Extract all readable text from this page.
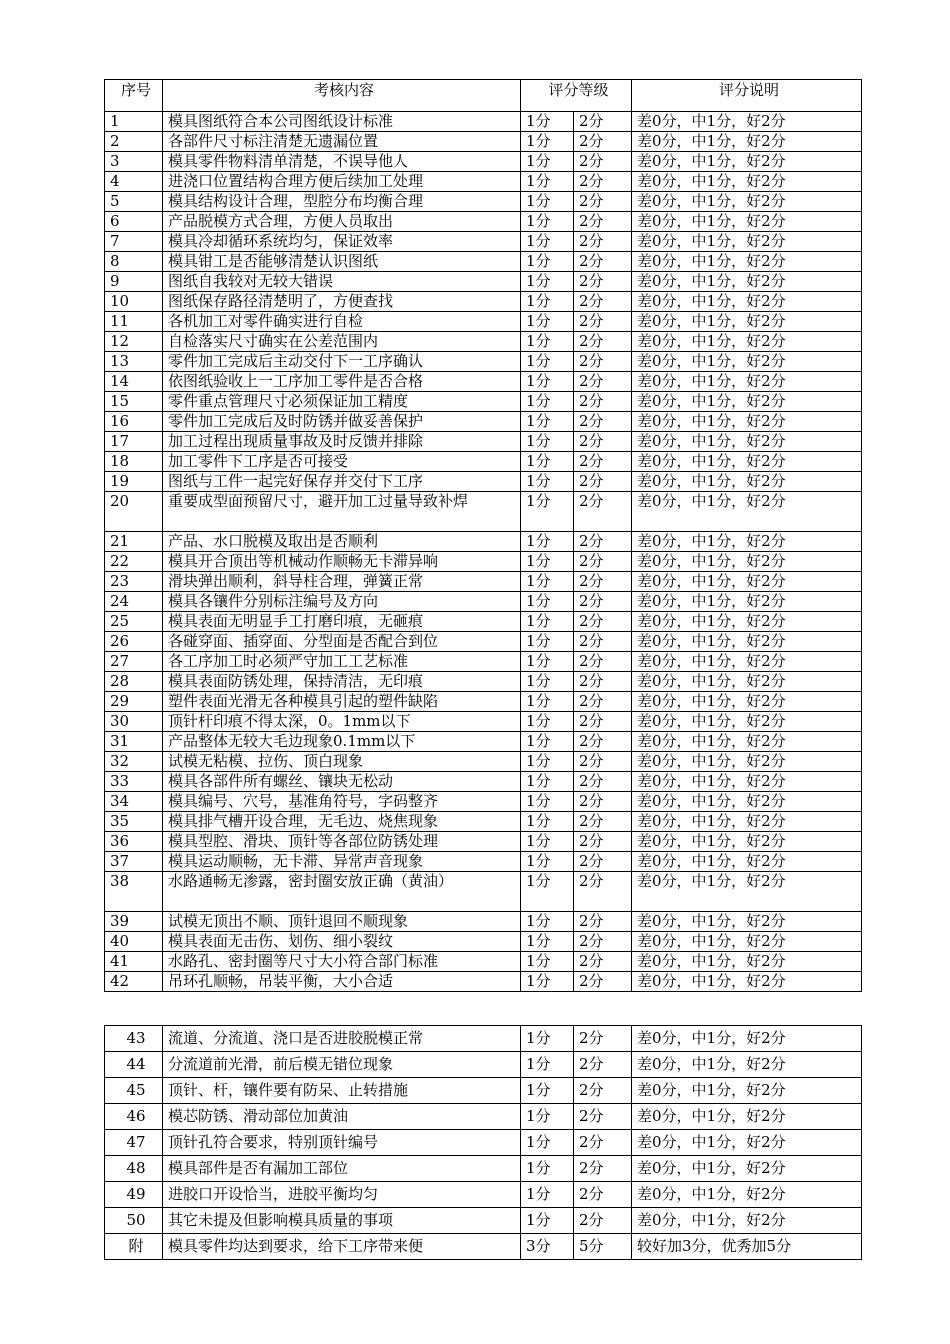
序号	考核内容	评分等级		评分说明
1	模具图纸符合本公司图纸设计标准	1分	2分	差0分，中1分，好2分
2	各部件尺寸标注清楚无遗漏位置	1分	2分	差0分，中1分，好2分
3	模具零件物料清单清楚，不误导他人	1分	2分	差0分，中1分，好2分
4	进浇口位置结构合理方便后续加工处理	1分	2分	差0分，中1分，好2分
5	模具结构设计合理，型腔分布均衡合理	1分	2分	差0分，中1分，好2分
6	产品脱模方式合理，方便人员取出	1分	2分	差0分，中1分，好2分
7	模具冷却循环系统均匀，保证效率	1分	2分	差0分，中1分，好2分
8	模具钳工是否能够清楚认识图纸	1分	2分	差0分，中1分，好2分
9	图纸自我较对无较大错误	1分	2分	差0分，中1分，好2分
10	图纸保存路径清楚明了，方便查找	1分	2分	差0分，中1分，好2分
11	各机加工对零件确实进行自检	1分	2分	差0分，中1分，好2分
12	自检落实尺寸确实在公差范围内	1分	2分	差0分，中1分，好2分
13	零件加工完成后主动交付下一工序确认	1分	2分	差0分，中1分，好2分
14	依图纸验收上一工序加工零件是否合格	1分	2分	差0分，中1分，好2分
15	零件重点管理尺寸必须保证加工精度	1分	2分	差0分，中1分，好2分
16	零件加工完成后及时防锈并做妥善保护	1分	2分	差0分，中1分，好2分
17	加工过程出现质量事故及时反馈并排除	1分	2分	差0分，中1分，好2分
18	加工零件下工序是否可接受	1分	2分	差0分，中1分，好2分
19	图纸与工件一起完好保存并交付下工序	1分	2分	差0分，中1分，好2分
20	重要成型面预留尺寸，避开加工过量导致补焊	1分	2分	差0分，中1分，好2分
21	产品、水口脱模及取出是否顺利	1分	2分	差0分，中1分，好2分
22	模具开合顶出等机械动作顺畅无卡滞异响	1分	2分	差0分，中1分，好2分
23	滑块弹出顺利，斜导柱合理，弹簧正常	1分	2分	差0分，中1分，好2分
24	模具各镶件分别标注编号及方向	1分	2分	差0分，中1分，好2分
25	模具表面无明显手工打磨印痕，无砸痕	1分	2分	差0分，中1分，好2分
26	各碰穿面、插穿面、分型面是否配合到位	1分	2分	差0分，中1分，好2分
27	各工序加工时必须严守加工工艺标准	1分	2分	差0分，中1分，好2分
28	模具表面防锈处理，保持清洁，无印痕	1分	2分	差0分，中1分，好2分
29	塑件表面光滑无各种模具引起的塑件缺陷	1分	2分	差0分，中1分，好2分
30	顶针杆印痕不得太深，0。1mm以下	1分	2分	差0分，中1分，好2分
31	产品整体无较大毛边现象0.1mm以下	1分	2分	差0分，中1分，好2分
32	试模无粘模、拉伤、顶白现象	1分	2分	差0分，中1分，好2分
33	模具各部件所有螺丝、镶块无松动	1分	2分	差0分，中1分，好2分
34	模具编号、穴号，基准角符号，字码整齐	1分	2分	差0分，中1分，好2分
35	模具排气槽开设合理，无毛边、烧焦现象	1分	2分	差0分，中1分，好2分
36	模具型腔、滑块、顶针等各部位防锈处理	1分	2分	差0分，中1分，好2分
37	模具运动顺畅，无卡滞、异常声音现象	1分	2分	差0分，中1分，好2分
38	水路通畅无渗露，密封圈安放正确（黄油）	1分	2分	差0分，中1分，好2分
39	试模无顶出不顺、顶针退回不顺现象	1分	2分	差0分，中1分，好2分
40	模具表面无击伤、划伤、细小裂纹	1分	2分	差0分，中1分，好2分
41	水路孔、密封圈等尺寸大小符合部门标准	1分	2分	差0分，中1分，好2分
42	吊环孔顺畅，吊装平衡，大小合适	1分	2分	差0分，中1分，好2分
43	流道、分流道、浇口是否进胶脱模正常	1分	2分	差0分，中1分，好2分
44	分流道前光滑，前后模无错位现象	1分	2分	差0分，中1分，好2分
45	顶针、杆，镶件要有防呆、止转措施	1分	2分	差0分，中1分，好2分
46	模芯防锈、滑动部位加黄油	1分	2分	差0分，中1分，好2分
47	顶针孔符合要求，特别顶针编号	1分	2分	差0分，中1分，好2分
48	模具部件是否有漏加工部位	1分	2分	差0分，中1分，好2分
49	进胶口开设恰当，进胶平衡均匀	1分	2分	差0分，中1分，好2分
50	其它未提及但影响模具质量的事项	1分	2分	差0分，中1分，好2分
附	模具零件均达到要求，给下工序带来便	3分	5分	较好加3分，优秀加5分
